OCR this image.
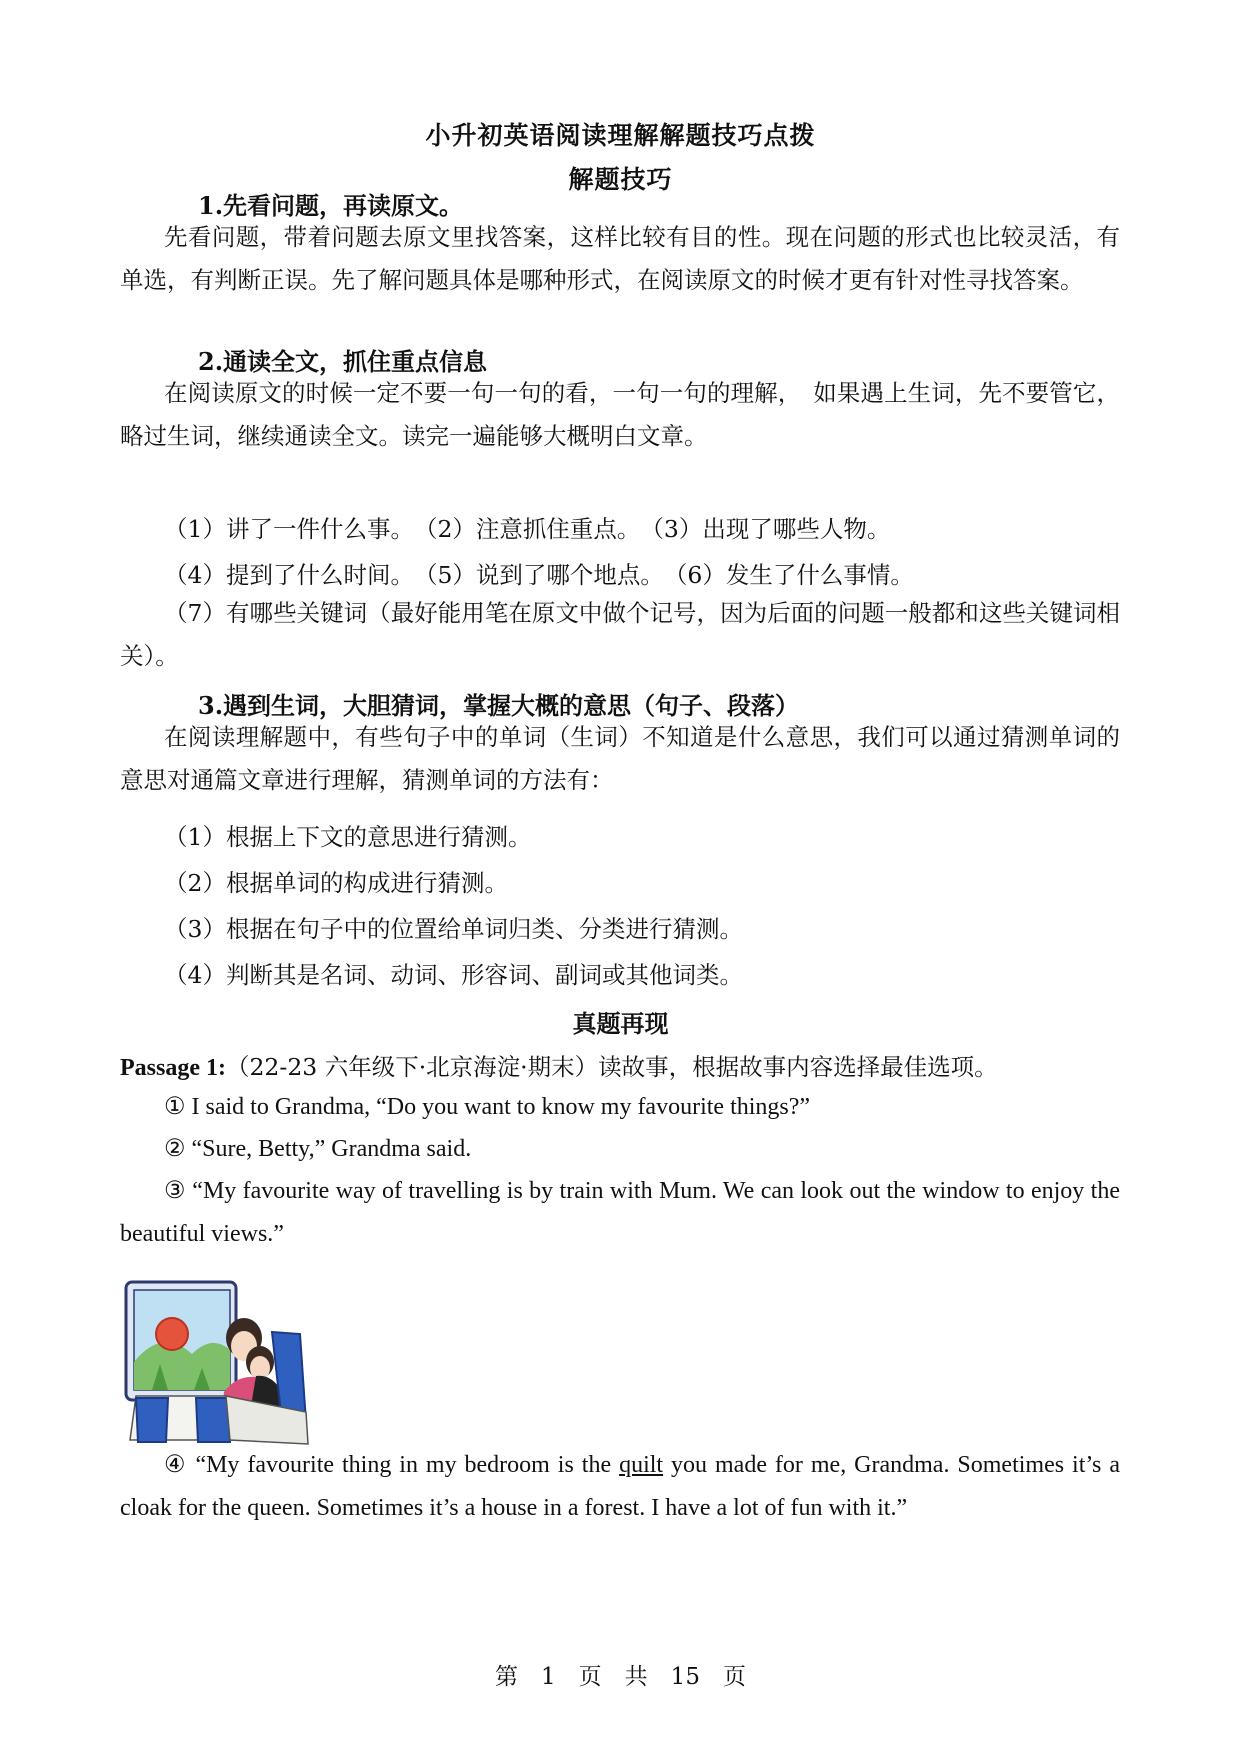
小升初英语阅读理解解题技巧点拨
解题技巧
1.先看问题，再读原文。
先看问题，带着问题去原文里找答案，这样比较有目的性。现在问题的形式也比较灵活，有单选，有判断正误。先了解问题具体是哪种形式，在阅读原文的时候才更有针对性寻找答案。
2.通读全文，抓住重点信息
在阅读原文的时候一定不要一句一句的看，一句一句的理解，　如果遇上生词，先不要管它，略过生词，继续通读全文。读完一遍能够大概明白文章。
（1）讲了一件什么事。　（2）注意抓住重点。　（3）出现了哪些人物。
（4）提到了什么时间。　（5）说到了哪个地点。　（6）发生了什么事情。
（7）有哪些关键词（最好能用笔在原文中做个记号，因为后面的问题一般都和这些关键词相关）。
3.遇到生词，大胆猜词，掌握大概的意思（句子、段落）
在阅读理解题中，有些句子中的单词（生词）不知道是什么意思，我们可以通过猜测单词的意思对通篇文章进行理解，猜测单词的方法有：
（1）根据上下文的意思进行猜测。
（2）根据单词的构成进行猜测。
（3）根据在句子中的位置给单词归类、分类进行猜测。
（4）判断其是名词、动词、形容词、副词或其他词类。
真题再现
Passage 1:（22-23 六年级下·北京海淀·期末）读故事，根据故事内容选择最佳选项。
① I said to Grandma, “Do you want to know my favourite things?”
② “Sure, Betty,” Grandma said.
③ “My favourite way of travelling is by train with Mum. We can look out the window to enjoy the beautiful views.”
④ “My favourite thing in my bedroom is the quilt you made for me, Grandma. Sometimes it’s a cloak for the queen. Sometimes it’s a house in a forest. I have a lot of fun with it.”
第　1　页　共　15　页
